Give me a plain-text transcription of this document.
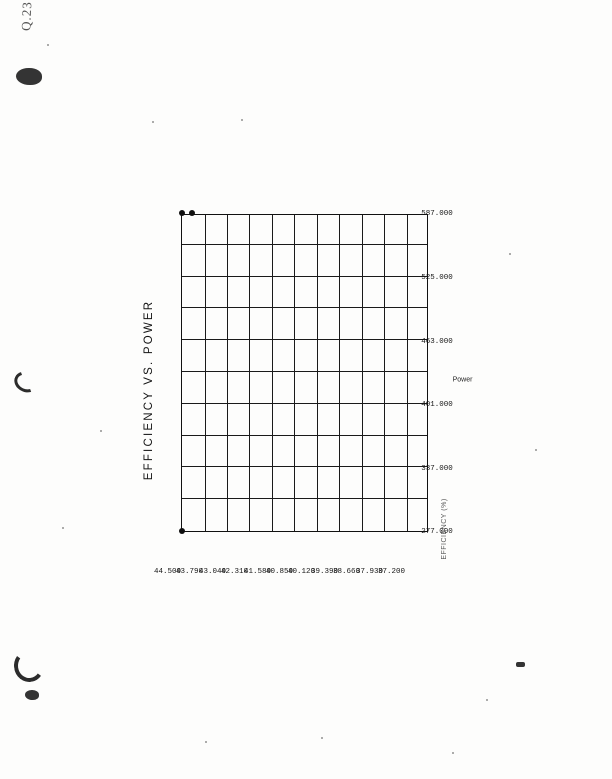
Q.23
EFFICIENCY VS. POWER
44.500
43.790
43.040
42.310
41.580
40.850
40.120
39.390
38.660
37.930
37.200
277.000
337.000
401.000
463.000
525.000
587.000
Power
EFFICIENCY (%)
